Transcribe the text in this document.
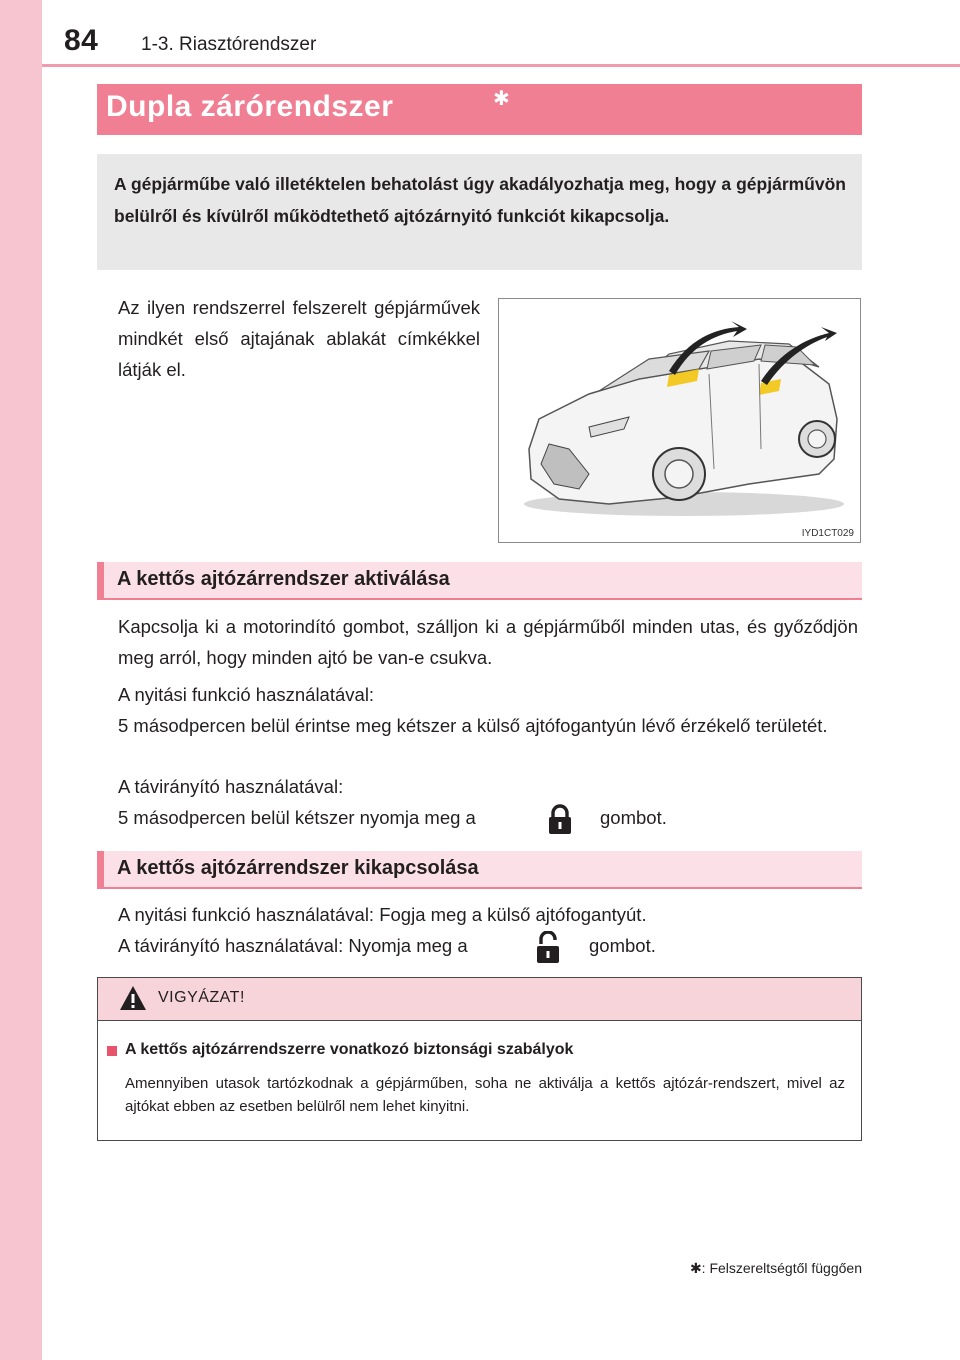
84 1-3. Riasztórendszer
Dupla zárórendszer	✱
A gépjárműbe való illetéktelen behatolást úgy akadályozhatja meg, hogy a gépjárművön belülről és kívülről működtethető ajtózárnyitó funkciót kikapcsolja.
Az ilyen rendszerrel felszerelt gépjárművek mindkét első ajtajának ablakát címkékkel látják el.
IYD1CT029
A kettős ajtózárrendszer aktiválása
Kapcsolja ki a motorindító gombot, szálljon ki a gépjárműből minden utas, és győződjön meg arról, hogy minden ajtó be van-e csukva.
A nyitási funkció használatával:
5 másodpercen belül érintse meg kétszer a külső ajtófogantyún lévő érzékelő területét.
A távirányító használatával:
5 másodpercen belül kétszer nyomja meg a	gombot.
A kettős ajtózárrendszer kikapcsolása
A nyitási funkció használatával: Fogja meg a külső ajtófogantyút.
A távirányító használatával: Nyomja meg a	gombot.
VIGYÁZAT!
A kettős ajtózárrendszerre vonatkozó biztonsági szabályok
Amennyiben utasok tartózkodnak a gépjárműben, soha ne aktiválja a kettős ajtózár-rendszert, mivel az ajtókat ebben az esetben belülről nem lehet kinyitni.
✱: Felszereltségtől függően
